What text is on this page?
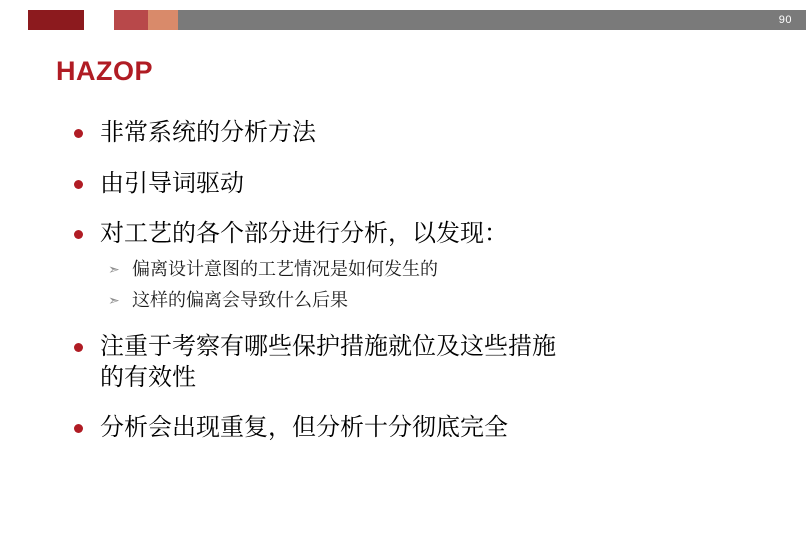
90
HAZOP
非常系统的分析方法
由引导词驱动
对工艺的各个部分进行分析，以发现：
➣ 偏离设计意图的工艺情况是如何发生的
➣ 这样的偏离会导致什么后果
注重于考察有哪些保护措施就位及这些措施
的有效性
分析会出现重复，但分析十分彻底完全
